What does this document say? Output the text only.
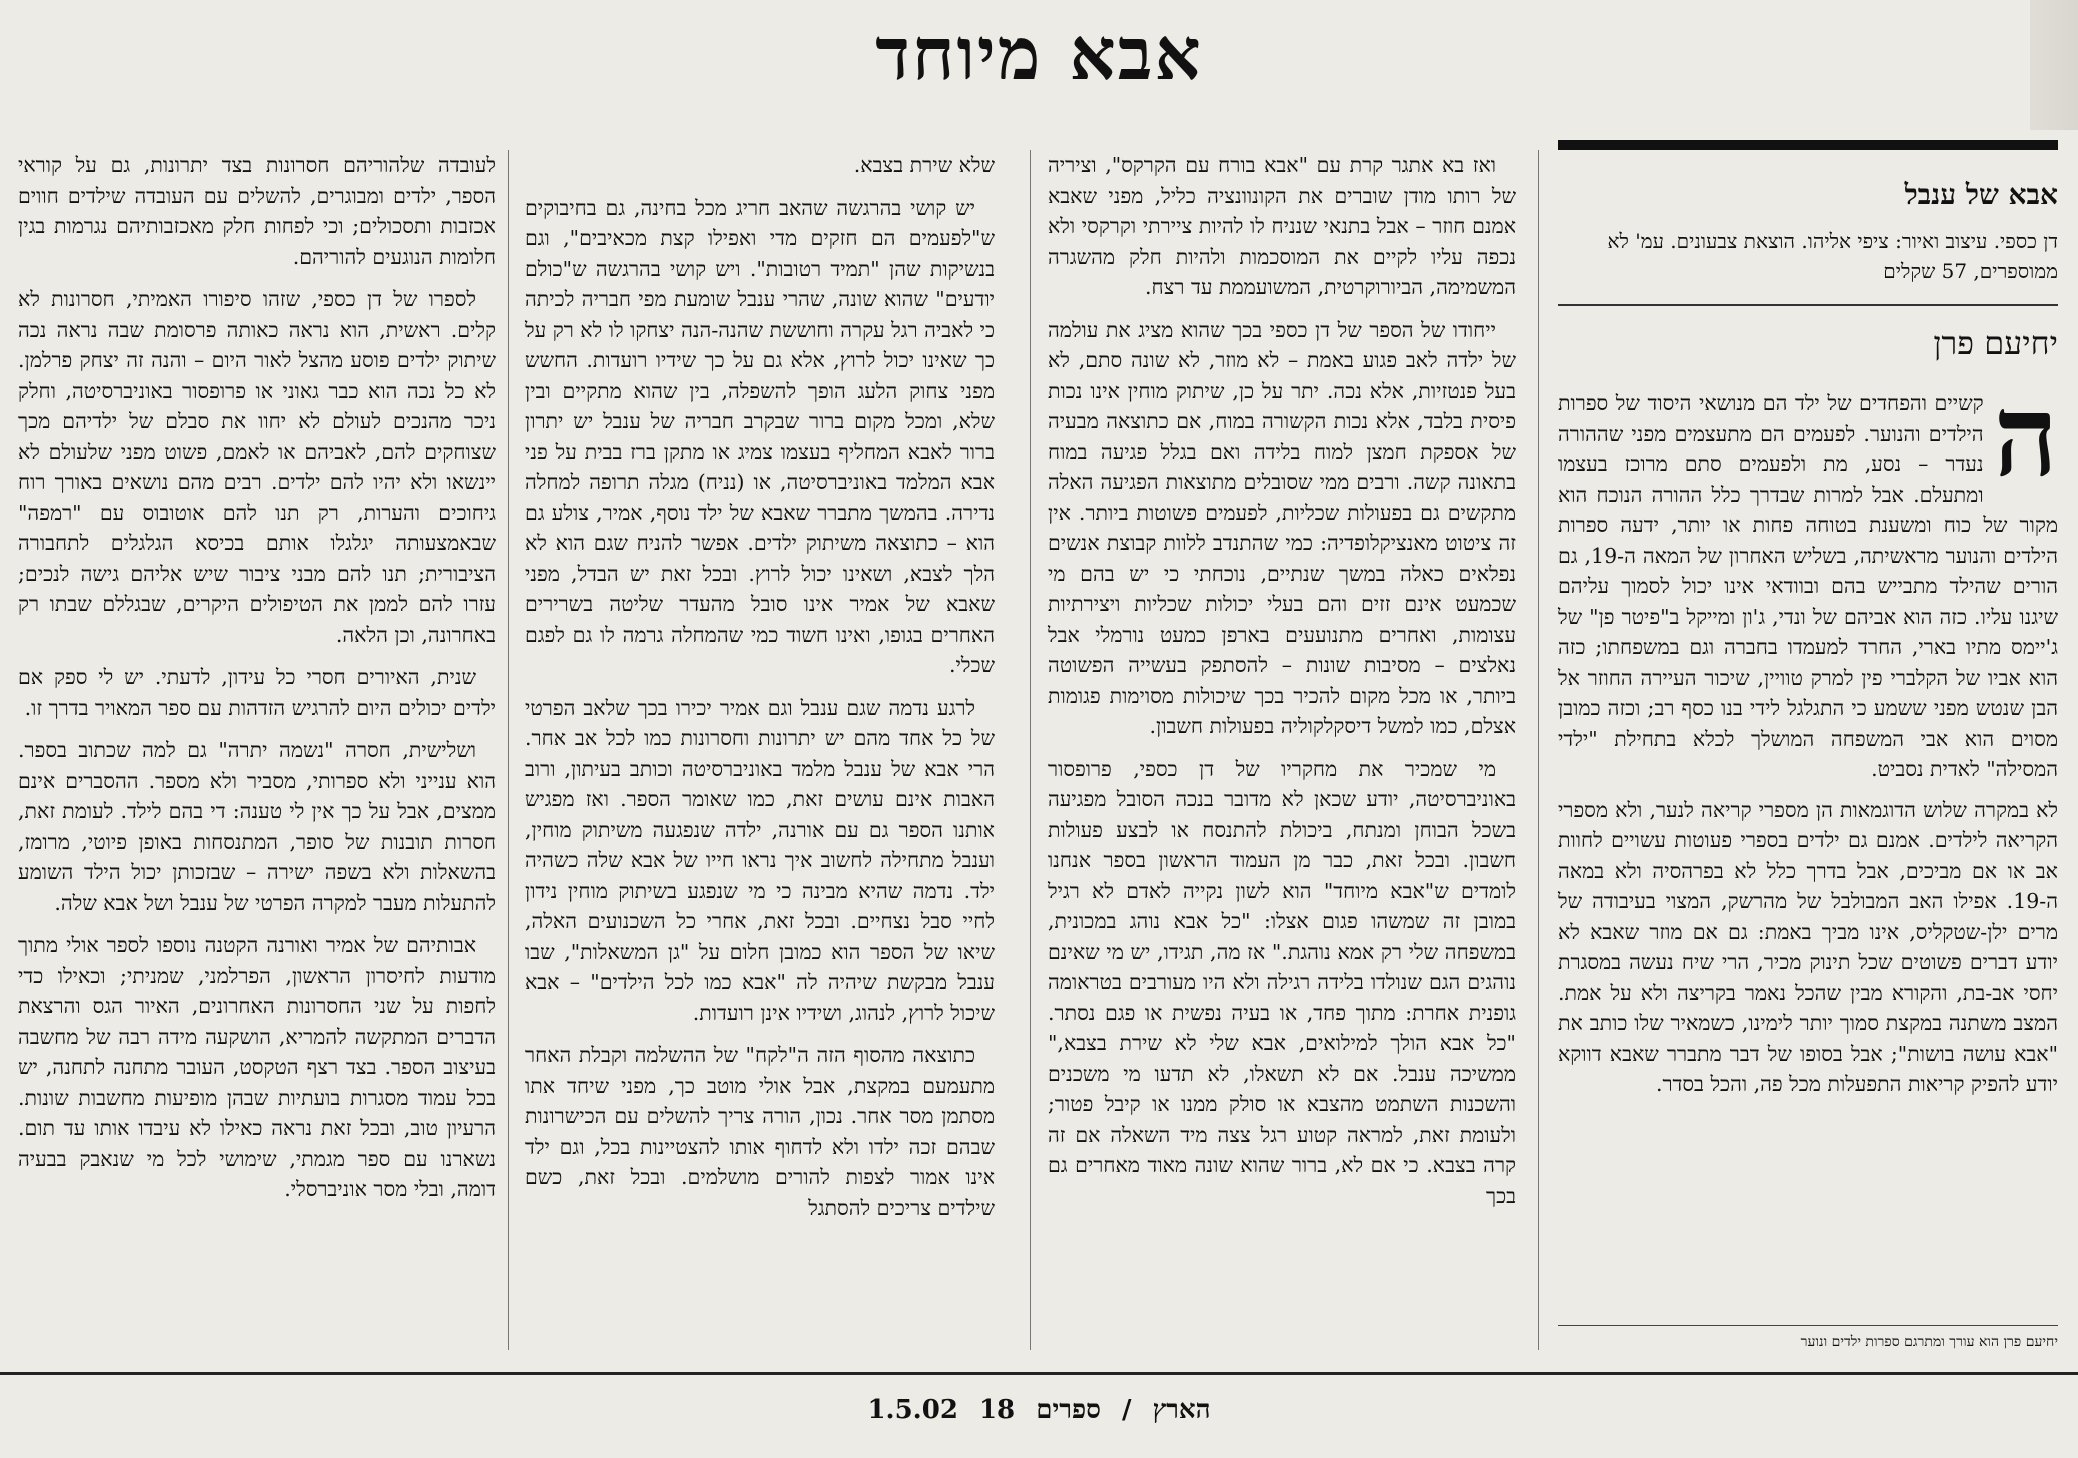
אבא מיוחד
אבא של ענבל

דן כספי. עיצוב ואיור: ציפי אליהו. הוצאת צבעונים. עמ' לא ממוספרים, 57 שקלים

יחיעם פרן

ה
קשיים והפחדים של ילד הם מנושאי היסוד של ספרות הילדים והנוער. לפעמים הם מתעצמים מפני שההורה נעדר – נסע, מת ולפעמים סתם מרוכז בעצמו ומתעלם. אבל למרות שבדרך כלל ההורה הנוכח הוא מקור של כוח ומשענת בטוחה פחות או יותר, ידעה ספרות הילדים והנוער מראשיתה, בשליש האחרון של המאה ה-19, גם הורים שהילד מתבייש בהם ובוודאי אינו יכול לסמוך עליהם שיגנו עליו. כזה הוא אביהם של ונדי, ג'ון ומייקל ב"פיטר פן" של ג'יימס מתיו בארי, החרד למעמדו בחברה וגם במשפחתו; כזה הוא אביו של הקלברי פין למרק טוויין, שיכור העיירה החוזר אל הבן שנטש מפני ששמע כי התגלגל לידי בנו כסף רב; וכזה כמובן מסוים הוא אבי המשפחה המושלך לכלא בתחילת "ילדי המסילה" לאדית נסביט.

לא במקרה שלוש הדוגמאות הן מספרי קריאה לנער, ולא מספרי הקריאה לילדים. אמנם גם ילדים בספרי פעוטות עשויים לחוות אב או אם מביכים, אבל בדרך כלל לא בפרהסיה ולא במאה ה-19. אפילו האב המבולבל של מהרשק, המצוי בעיבודה של מרים ילן-שטקליס, אינו מביך באמת: גם אם מוזר שאבא לא יודע דברים פשוטים שכל תינוק מכיר, הרי שיח נעשה במסגרת יחסי אב-בת, והקורא מבין שהכל נאמר בקריצה ולא על אמת. המצב משתנה במקצת סמוך יותר לימינו, כשמאיר שלו כותב את "אבא עושה בושות"; אבל בסופו של דבר מתברר שאבא דווקא יודע להפיק קריאות התפעלות מכל פה, והכל בסדר.

יחיעם פרן הוא עורך ומתרגם ספרות ילדים ונוער

ואז בא אתגר קרת עם "אבא בורח עם הקרקס", וציריה של רותו מודן שוברים את הקונוונציה כליל, מפני שאבא אמנם חוזר – אבל בתנאי שנניח לו להיות ציירתי וקרקסי ולא נכפה עליו לקיים את המוסכמות ולהיות חלק מהשגרה המשמימה, הביורוקרטית, המשועממת עד רצח.

ייחודו של הספר של דן כספי בכך שהוא מציג את עולמה של ילדה לאב פגוע באמת – לא מוזר, לא שונה סתם, לא בעל פנטזיות, אלא נכה. יתר על כן, שיתוק מוחין אינו נכות פיסית בלבד, אלא נכות הקשורה במוח, אם כתוצאה מבעיה של אספקת חמצן למוח בלידה ואם בגלל פגיעה במוח בתאונה קשה. ורבים ממי שסובלים מתוצאות הפגיעה האלה מתקשים גם בפעולות שכליות, לפעמים פשוטות ביותר. אין זה ציטוט מאנציקלופדיה: כמי שהתנדב ללוות קבוצת אנשים נפלאים כאלה במשך שנתיים, נוכחתי כי יש בהם מי שכמעט אינם זזים והם בעלי יכולות שכליות ויצירתיות עצומות, ואחרים מתנועעים בארפן כמעט נורמלי אבל נאלצים – מסיבות שונות – להסתפק בעשייה הפשוטה ביותר, או מכל מקום להכיר בכך שיכולות מסוימות פגומות אצלם, כמו למשל דיסקלקוליה בפעולות חשבון.

מי שמכיר את מחקריו של דן כספי, פרופסור באוניברסיטה, יודע שכאן לא מדובר בנכה הסובל מפגיעה בשכל הבוחן ומנתח, ביכולת להתנסח או לבצע פעולות חשבון. ובכל זאת, כבר מן העמוד הראשון בספר אנחנו לומדים ש"אבא מיוחד" הוא לשון נקייה לאדם לא רגיל במובן זה שמשהו פגום אצלו: "כל אבא נוהג במכונית, במשפחה שלי רק אמא נוהגת." אז מה, תגידו, יש מי שאינם נוהגים הגם שנולדו בלידה רגילה ולא היו מעורבים בטראומה גופנית אחרת: מתוך פחד, או בעיה נפשית או פגם נסתר. "כל אבא הולך למילואים, אבא שלי לא שירת בצבא," ממשיכה ענבל. אם לא תשאלו, לא תדעו מי משכנים והשכנות השתמט מהצבא או סולק ממנו או קיבל פטור; ולעומת זאת, למראה קטוע רגל צצה מיד השאלה אם זה קרה בצבא. כי אם לא, ברור שהוא שונה מאוד מאחרים גם בכך

שלא שירת בצבא.

יש קושי בהרגשה שהאב חריג מכל בחינה, גם בחיבוקים ש"לפעמים הם חזקים מדי ואפילו קצת מכאיבים", וגם בנשיקות שהן "תמיד רטובות". ויש קושי בהרגשה ש"כולם יודעים" שהוא שונה, שהרי ענבל שומעת מפי חבריה לכיתה כי לאביה רגל עקרה וחוששת שהנה-הנה יצחקו לו לא רק על כך שאינו יכול לרוץ, אלא גם על כך שידיו רועדות. החשש מפני צחוק הלעג הופך להשפלה, בין שהוא מתקיים ובין שלא, ומכל מקום ברור שבקרב חבריה של ענבל יש יתרון ברור לאבא המחליף בעצמו צמיג או מתקן ברז בבית על פני אבא המלמד באוניברסיטה, או (נניח) מגלה תרופה למחלה נדירה. בהמשך מתברר שאבא של ילד נוסף, אמיר, צולע גם הוא – כתוצאה משיתוק ילדים. אפשר להניח שגם הוא לא הלך לצבא, ושאינו יכול לרוץ. ובכל זאת יש הבדל, מפני שאבא של אמיר אינו סובל מהעדר שליטה בשרירים האחרים בגופו, ואינו חשוד כמי שהמחלה גרמה לו גם לפגם שכלי.

לרגע נדמה שגם ענבל וגם אמיר יכירו בכך שלאב הפרטי של כל אחד מהם יש יתרונות וחסרונות כמו לכל אב אחר. הרי אבא של ענבל מלמד באוניברסיטה וכותב בעיתון, ורוב האבות אינם עושים זאת, כמו שאומר הספר. ואז מפגיש אותנו הספר גם עם אורנה, ילדה שנפגעה משיתוק מוחין, וענבל מתחילה לחשוב איך נראו חייו של אבא שלה כשהיה ילד. נדמה שהיא מבינה כי מי שנפגע בשיתוק מוחין נידון לחיי סבל נצחיים. ובכל זאת, אחרי כל השכנועים האלה, שיאו של הספר הוא כמובן חלום על "גן המשאלות", שבו ענבל מבקשת שיהיה לה "אבא כמו לכל הילדים" – אבא שיכול לרוץ, לנהוג, ושידיו אינן רועדות.

כתוצאה מהסוף הזה ה"לקח" של ההשלמה וקבלת האחר מתעמעם במקצת, אבל אולי מוטב כך, מפני שיחד אתו מסתמן מסר אחר. נכון, הורה צריך להשלים עם הכישרונות שבהם זכה ילדו ולא לדחוף אותו להצטיינות בכל, וגם ילד אינו אמור לצפות להורים מושלמים. ובכל זאת, כשם שילדים צריכים להסתגל

לעובדה שלהוריהם חסרונות בצד יתרונות, גם על קוראי הספר, ילדים ומבוגרים, להשלים עם העובדה שילדים חווים אכזבות ותסכולים; וכי לפחות חלק מאכזבותיהם נגרמות בגין חלומות הנוגעים להוריהם.

לספרו של דן כספי, שזהו סיפורו האמיתי, חסרונות לא קלים. ראשית, הוא נראה כאותה פרסומת שבה נראה נכה שיתוק ילדים פוסע מהצל לאור היום – והנה זה יצחק פרלמן. לא כל נכה הוא כבר גאוני או פרופסור באוניברסיטה, וחלק ניכר מהנכים לעולם לא יחוו את סבלם של ילדיהם מכך שצוחקים להם, לאביהם או לאמם, פשוט מפני שלעולם לא יינשאו ולא יהיו להם ילדים. רבים מהם נושאים באורך רוח גיחוכים והערות, רק תנו להם אוטובוס עם "רמפה" שבאמצעותה יגלגלו אותם בכיסא הגלגלים לתחבורה הציבורית; תנו להם מבני ציבור שיש אליהם גישה לנכים; עזרו להם לממן את הטיפולים היקרים, שבגללם שבתו רק באחרונה, וכן הלאה.

שנית, האיורים חסרי כל עידון, לדעתי. יש לי ספק אם ילדים יכולים היום להרגיש הזדהות עם ספר המאויר בדרך זו.

ושלישית, חסרה "נשמה יתרה" גם למה שכתוב בספר. הוא ענייני ולא ספרותי, מסביר ולא מספר. ההסברים אינם ממצים, אבל על כך אין לי טענה: די בהם לילד. לעומת זאת, חסרות תובנות של סופר, המתנסחות באופן פיוטי, מרומז, בהשאלות ולא בשפה ישירה – שבזכותן יכול הילד השומע להתעלות מעבר למקרה הפרטי של ענבל ושל אבא שלה.

אבותיהם של אמיר ואורנה הקטנה נוספו לספר אולי מתוך מודעות לחיסרון הראשון, הפרלמני, שמניתי; וכאילו כדי לחפות על שני החסרונות האחרונים, האיור הגס והרצאת הדברים המתקשה להמריא, הושקעה מידה רבה של מחשבה בעיצוב הספר. בצד רצף הטקסט, העובר מתחנה לתחנה, יש בכל עמוד מסגרות בועתיות שבהן מופיעות מחשבות שונות. הרעיון טוב, ובכל זאת נראה כאילו לא עיבדו אותו עד תום. נשארנו עם ספר מגמתי, שימושי לכל מי שנאבק בבעיה דומה, ובלי מסר אוניברסלי.

הארץ / ספרים 18 1.5.02
